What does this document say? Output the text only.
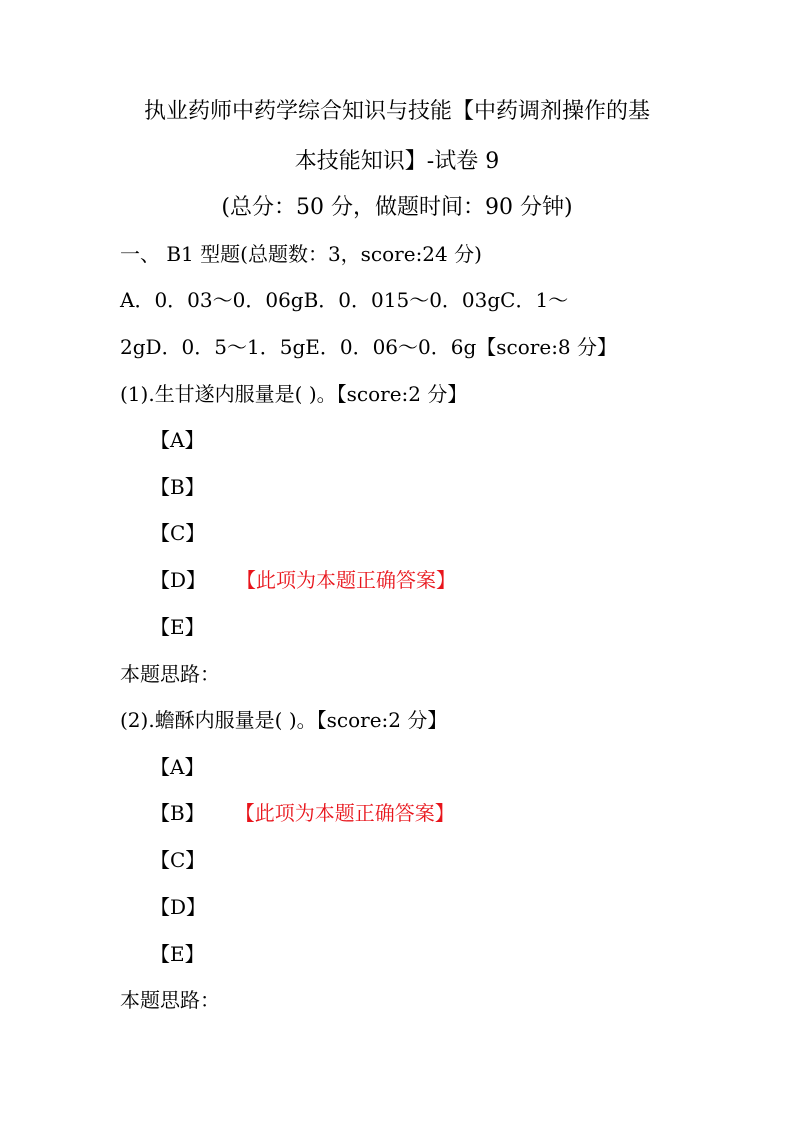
执业药师中药学综合知识与技能【中药调剂操作的基
本技能知识】-试卷 9
(总分：50 分，做题时间：90 分钟)
一、 B1 型题(总题数：3，score:24 分)
A．0．03～0．06gB．0．015～0．03gC．1～
2gD．0．5～1．5gE．0．06～0．6g【score:8 分】
(1).生甘遂内服量是( )。【score:2 分】
【A】
【B】
【C】
【D】 【此项为本题正确答案】
【E】
本题思路：
(2).蟾酥内服量是( )。【score:2 分】
【A】
【B】 【此项为本题正确答案】
【C】
【D】
【E】
本题思路：
